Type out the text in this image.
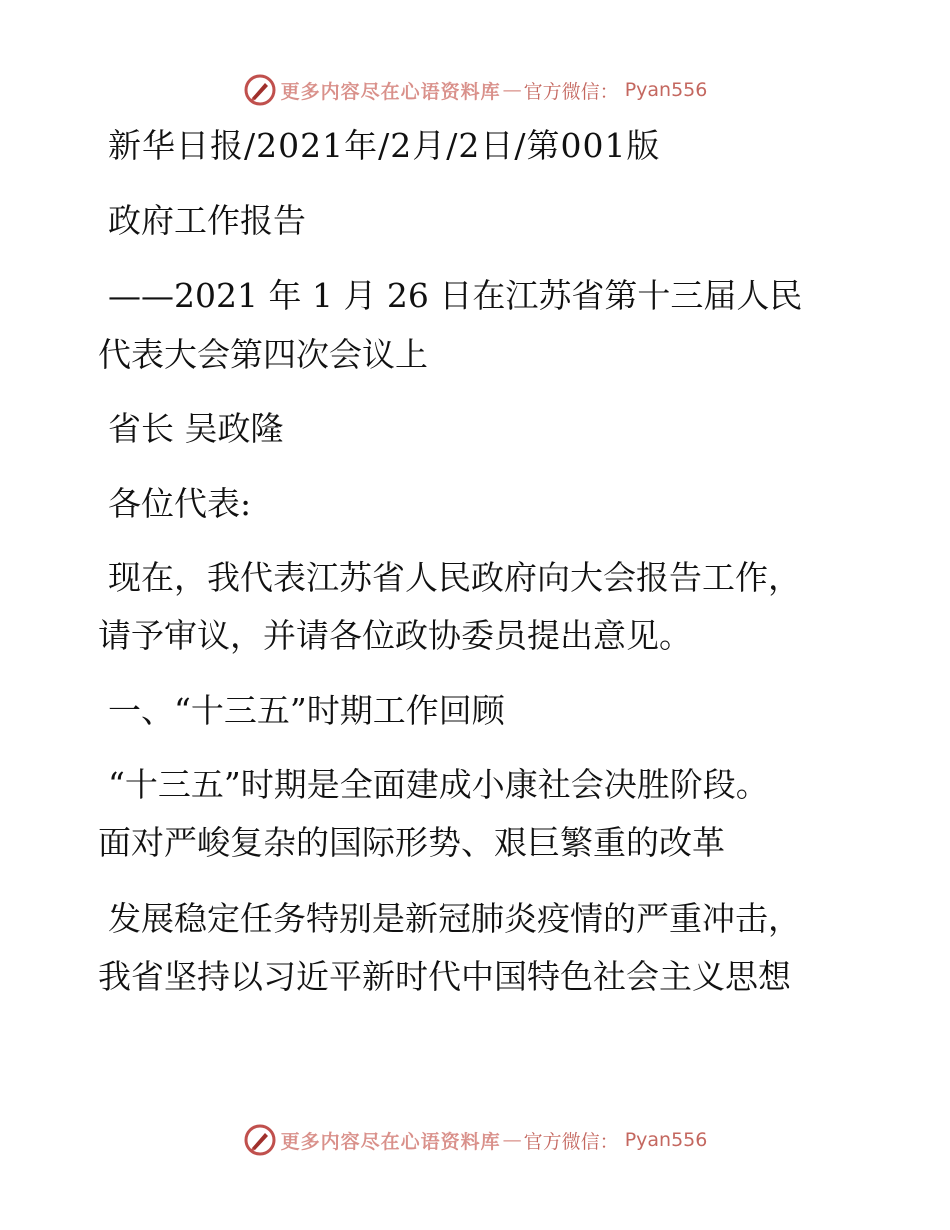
更多内容尽在心语资料库 — 官方微信： Pyan556
新华日报/2021年/2月/2日/第001版
政府工作报告
——2021 年 1 月 26 日在江苏省第十三届人民
代表大会第四次会议上
省长 吴政隆
各位代表:
现在，我代表江苏省人民政府向大会报告工作，
请予审议，并请各位政协委员提出意见。
一、“十三五”时期工作回顾
“十三五”时期是全面建成小康社会决胜阶段。
面对严峻复杂的国际形势、艰巨繁重的改革
发展稳定任务特别是新冠肺炎疫情的严重冲击，
我省坚持以习近平新时代中国特色社会主义思想
更多内容尽在心语资料库 — 官方微信： Pyan556
